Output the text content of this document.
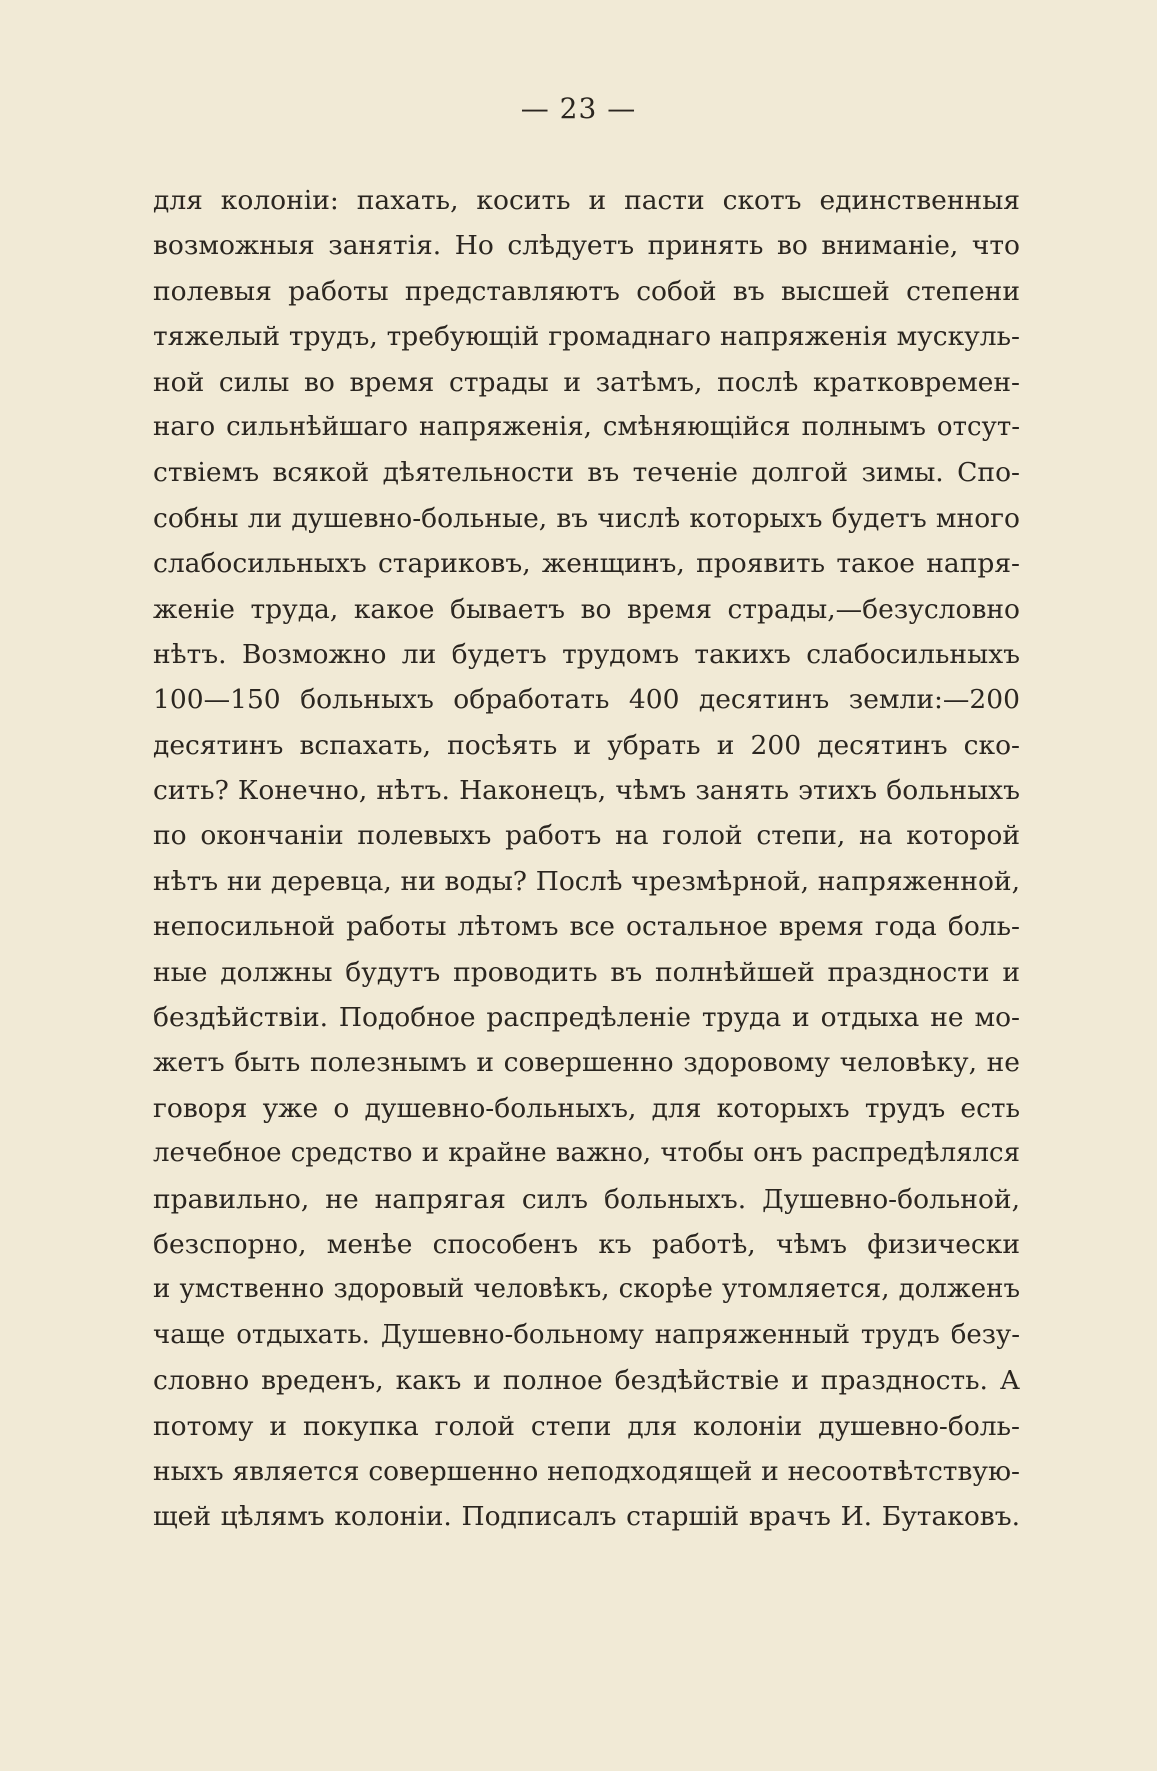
— 23 —
для колоніи: пахать, косить и пасти скотъ единственныя
возможныя занятія. Но слѣдуетъ принять во вниманіе, что
полевыя работы представляютъ собой въ высшей степени
тяжелый трудъ, требующій громаднаго напряженія мускуль-
ной силы во время страды и затѣмъ, послѣ кратковремен-
наго сильнѣйшаго напряженія, смѣняющійся полнымъ отсут-
ствіемъ всякой дѣятельности въ теченіе долгой зимы. Спо-
собны ли душевно-больные, въ числѣ которыхъ будетъ много
слабосильныхъ стариковъ, женщинъ, проявить такое напря-
женіе труда, какое бываетъ во время страды,—безусловно
нѣтъ. Возможно ли будетъ трудомъ такихъ слабосильныхъ
100—150 больныхъ обработать 400 десятинъ земли:—200
десятинъ вспахать, посѣять и убрать и 200 десятинъ ско-
сить? Конечно, нѣтъ. Наконецъ, чѣмъ занять этихъ больныхъ
по окончаніи полевыхъ работъ на голой степи, на которой
нѣтъ ни деревца, ни воды? Послѣ чрезмѣрной, напряженной,
непосильной работы лѣтомъ все остальное время года боль-
ные должны будутъ проводить въ полнѣйшей праздности и
бездѣйствіи. Подобное распредѣленіе труда и отдыха не мо-
жетъ быть полезнымъ и совершенно здоровому человѣку, не
говоря уже о душевно-больныхъ, для которыхъ трудъ есть
лечебное средство и крайне важно, чтобы онъ распредѣлялся
правильно, не напрягая силъ больныхъ. Душевно-больной,
безспорно, менѣе способенъ къ работѣ, чѣмъ физически
и умственно здоровый человѣкъ, скорѣе утомляется, долженъ
чаще отдыхать. Душевно-больному напряженный трудъ безу-
словно вреденъ, какъ и полное бездѣйствіе и праздность. А
потому и покупка голой степи для колоніи душевно-боль-
ныхъ является совершенно неподходящей и несоотвѣтствую-
щей цѣлямъ колоніи. Подписалъ старшій врачъ И. Бутаковъ.
